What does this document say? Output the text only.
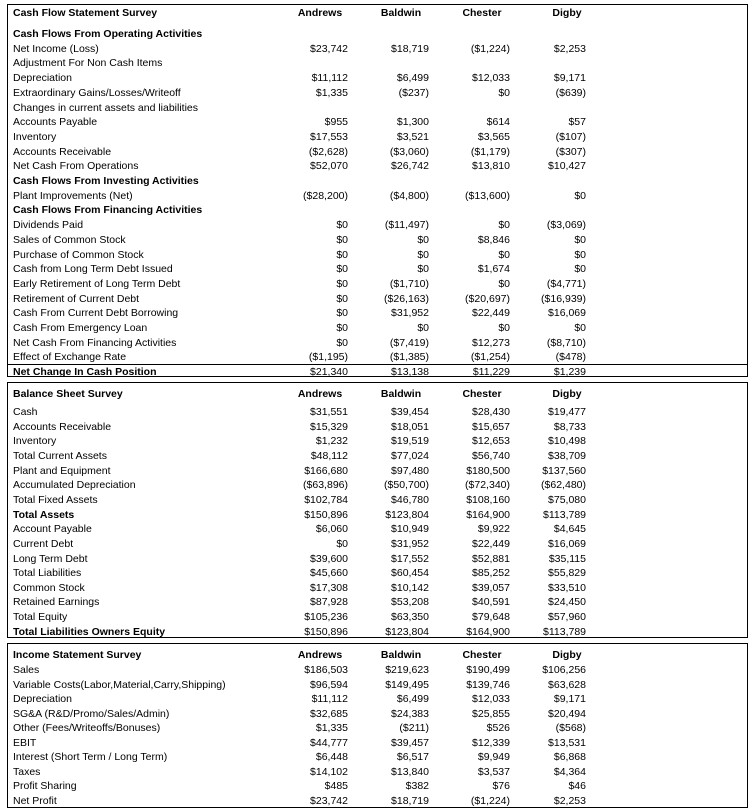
Cash Flow Statement Survey	Andrews	Baldwin	Chester	Digby
Cash Flows From Operating Activities
Net Income (Loss)	$23,742	$18,719	($1,224)	$2,253
Adjustment For Non Cash Items
Depreciation	$11,112	$6,499	$12,033	$9,171
Extraordinary Gains/Losses/Writeoff	$1,335	($237)	$0	($639)
Changes in current assets and liabilities
Accounts Payable	$955	$1,300	$614	$57
Inventory	$17,553	$3,521	$3,565	($107)
Accounts Receivable	($2,628)	($3,060)	($1,179)	($307)
Net Cash From Operations	$52,070	$26,742	$13,810	$10,427
Cash Flows From Investing Activities
Plant Improvements (Net)	($28,200)	($4,800)	($13,600)	$0
Cash Flows From Financing Activities
Dividends Paid	$0	($11,497)	$0	($3,069)
Sales of Common Stock	$0	$0	$8,846	$0
Purchase of Common Stock	$0	$0	$0	$0
Cash from Long Term Debt Issued	$0	$0	$1,674	$0
Early Retirement of Long Term Debt	$0	($1,710)	$0	($4,771)
Retirement of Current Debt	$0	($26,163)	($20,697)	($16,939)
Cash From Current Debt Borrowing	$0	$31,952	$22,449	$16,069
Cash From Emergency Loan	$0	$0	$0	$0
Net Cash From Financing Activities	$0	($7,419)	$12,273	($8,710)
Effect of Exchange Rate	($1,195)	($1,385)	($1,254)	($478)
Net Change In Cash Position	$21,340	$13,138	$11,229	$1,239
Balance Sheet Survey	Andrews	Baldwin	Chester	Digby
Cash	$31,551	$39,454	$28,430	$19,477
Accounts Receivable	$15,329	$18,051	$15,657	$8,733
Inventory	$1,232	$19,519	$12,653	$10,498
Total Current Assets	$48,112	$77,024	$56,740	$38,709
Plant and Equipment	$166,680	$97,480	$180,500	$137,560
Accumulated Depreciation	($63,896)	($50,700)	($72,340)	($62,480)
Total Fixed Assets	$102,784	$46,780	$108,160	$75,080
Total Assets	$150,896	$123,804	$164,900	$113,789
Account Payable	$6,060	$10,949	$9,922	$4,645
Current Debt	$0	$31,952	$22,449	$16,069
Long Term Debt	$39,600	$17,552	$52,881	$35,115
Total Liabilities	$45,660	$60,454	$85,252	$55,829
Common Stock	$17,308	$10,142	$39,057	$33,510
Retained Earnings	$87,928	$53,208	$40,591	$24,450
Total Equity	$105,236	$63,350	$79,648	$57,960
Total Liabilities Owners Equity	$150,896	$123,804	$164,900	$113,789
Income Statement Survey	Andrews	Baldwin	Chester	Digby
Sales	$186,503	$219,623	$190,499	$106,256
Variable Costs(Labor,Material,Carry,Shipping)	$96,594	$149,495	$139,746	$63,628
Depreciation	$11,112	$6,499	$12,033	$9,171
SG&A (R&D/Promo/Sales/Admin)	$32,685	$24,383	$25,855	$20,494
Other (Fees/Writeoffs/Bonuses)	$1,335	($211)	$526	($568)
EBIT	$44,777	$39,457	$12,339	$13,531
Interest (Short Term / Long Term)	$6,448	$6,517	$9,949	$6,868
Taxes	$14,102	$13,840	$3,537	$4,364
Profit Sharing	$485	$382	$76	$46
Net Profit	$23,742	$18,719	($1,224)	$2,253
